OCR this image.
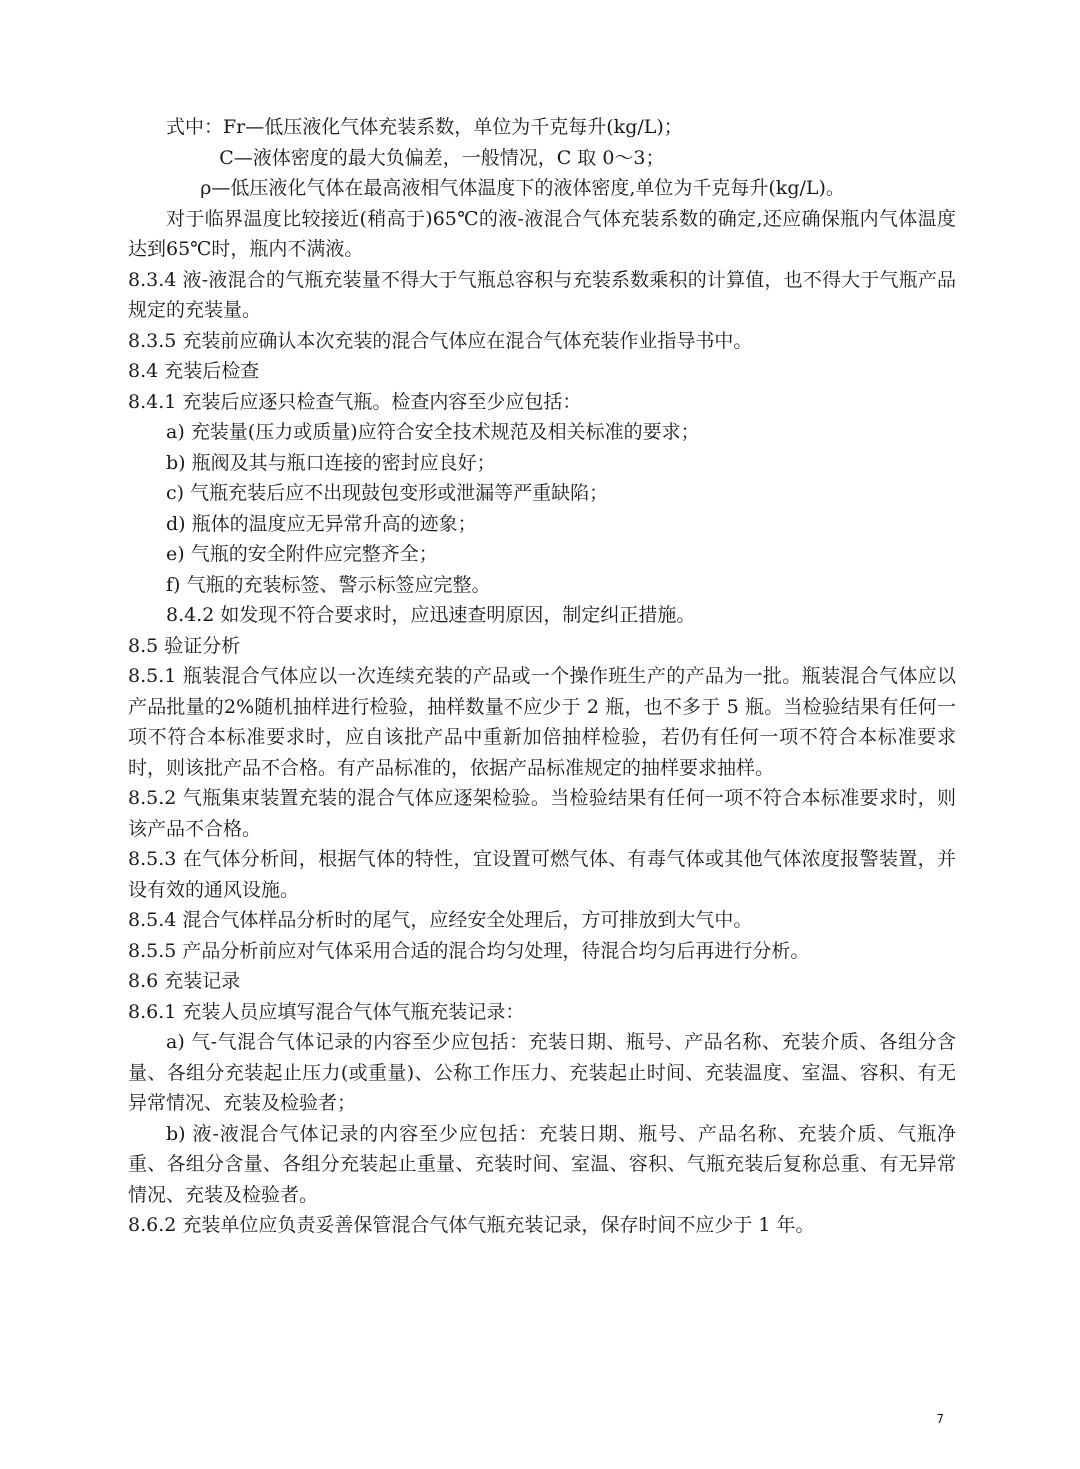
式中：Fr—低压液化气体充装系数，单位为千克每升(kg/L)；

C—液体密度的最大负偏差，一般情况，C 取 0～3；

ρ—低压液化气体在最高液相气体温度下的液体密度,单位为千克每升(kg/L)。

对于临界温度比较接近(稍高于)65℃的液-液混合气体充装系数的确定,还应确保瓶内气体温度达到65℃时，瓶内不满液。

8.3.4 液-液混合的气瓶充装量不得大于气瓶总容积与充装系数乘积的计算值，也不得大于气瓶产品规定的充装量。

8.3.5 充装前应确认本次充装的混合气体应在混合气体充装作业指导书中。

8.4 充装后检查

8.4.1 充装后应逐只检查气瓶。检查内容至少应包括：

a) 充装量(压力或质量)应符合安全技术规范及相关标准的要求；

b) 瓶阀及其与瓶口连接的密封应良好；

c) 气瓶充装后应不出现鼓包变形或泄漏等严重缺陷；

d) 瓶体的温度应无异常升高的迹象；

e) 气瓶的安全附件应完整齐全；

f) 气瓶的充装标签、警示标签应完整。

8.4.2 如发现不符合要求时，应迅速查明原因，制定纠正措施。

8.5 验证分析

8.5.1 瓶装混合气体应以一次连续充装的产品或一个操作班生产的产品为一批。瓶装混合气体应以产品批量的2%随机抽样进行检验，抽样数量不应少于 2 瓶，也不多于 5 瓶。当检验结果有任何一项不符合本标准要求时，应自该批产品中重新加倍抽样检验，若仍有任何一项不符合本标准要求时，则该批产品不合格。有产品标准的，依据产品标准规定的抽样要求抽样。

8.5.2 气瓶集束装置充装的混合气体应逐架检验。当检验结果有任何一项不符合本标准要求时，则该产品不合格。

8.5.3 在气体分析间，根据气体的特性，宜设置可燃气体、有毒气体或其他气体浓度报警装置，并设有效的通风设施。

8.5.4 混合气体样品分析时的尾气，应经安全处理后，方可排放到大气中。

8.5.5 产品分析前应对气体采用合适的混合均匀处理，待混合均匀后再进行分析。

8.6 充装记录

8.6.1 充装人员应填写混合气体气瓶充装记录：

a) 气-气混合气体记录的内容至少应包括：充装日期、瓶号、产品名称、充装介质、各组分含量、各组分充装起止压力(或重量)、公称工作压力、充装起止时间、充装温度、室温、容积、有无异常情况、充装及检验者；

b) 液-液混合气体记录的内容至少应包括：充装日期、瓶号、产品名称、充装介质、气瓶净重、各组分含量、各组分充装起止重量、充装时间、室温、容积、气瓶充装后复称总重、有无异常情况、充装及检验者。

8.6.2 充装单位应负责妥善保管混合气体气瓶充装记录，保存时间不应少于 1 年。

7
